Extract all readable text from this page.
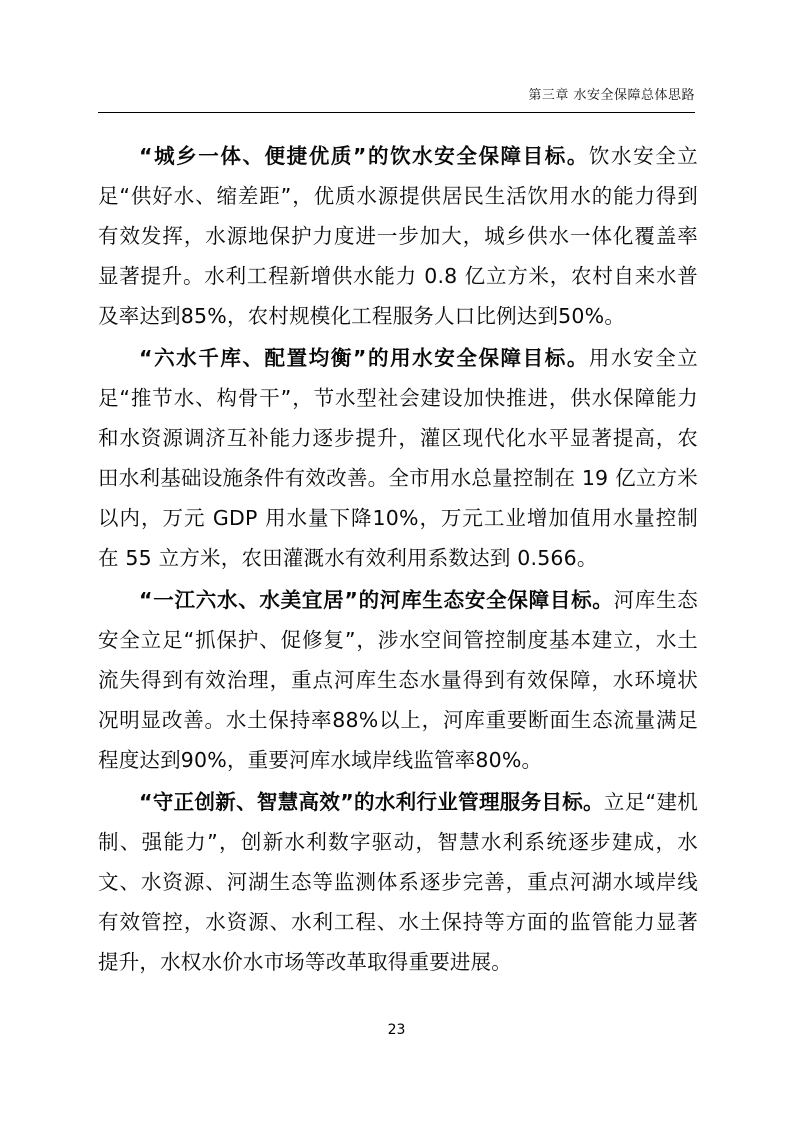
第三章 水安全保障总体思路

“城乡一体、便捷优质”的饮水安全保障目标。饮水安全立足“供好水、缩差距”，优质水源提供居民生活饮用水的能力得到有效发挥，水源地保护力度进一步加大，城乡供水一体化覆盖率显著提升。水利工程新增供水能力 0.8 亿立方米，农村自来水普及率达到85%，农村规模化工程服务人口比例达到50%。

“六水千库、配置均衡”的用水安全保障目标。用水安全立足“推节水、构骨干”，节水型社会建设加快推进，供水保障能力和水资源调济互补能力逐步提升，灌区现代化水平显著提高，农田水利基础设施条件有效改善。全市用水总量控制在 19 亿立方米以内，万元 GDP 用水量下降10%，万元工业增加值用水量控制在 55 立方米，农田灌溉水有效利用系数达到 0.566。

“一江六水、水美宜居”的河库生态安全保障目标。河库生态安全立足“抓保护、促修复”，涉水空间管控制度基本建立，水土流失得到有效治理，重点河库生态水量得到有效保障，水环境状况明显改善。水土保持率88%以上，河库重要断面生态流量满足程度达到90%，重要河库水域岸线监管率80%。

“守正创新、智慧高效”的水利行业管理服务目标。立足“建机制、强能力”，创新水利数字驱动，智慧水利系统逐步建成，水文、水资源、河湖生态等监测体系逐步完善，重点河湖水域岸线有效管控，水资源、水利工程、水土保持等方面的监管能力显著提升，水权水价水市场等改革取得重要进展。

23
